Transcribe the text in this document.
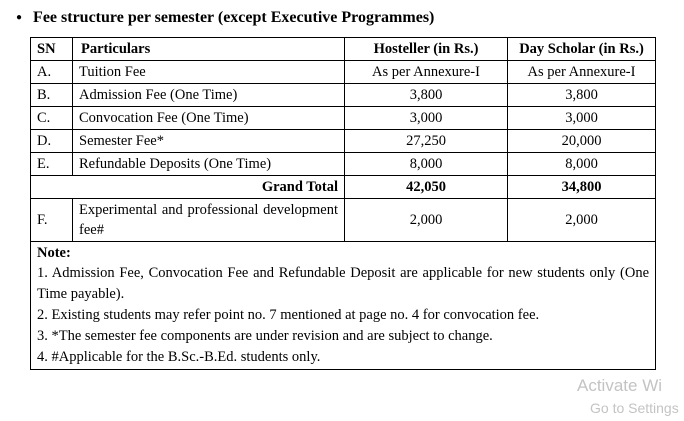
● Fee structure per semester (except Executive Programmes)
SN	Particulars	Hosteller (in Rs.)	Day Scholar (in Rs.)
A.	Tuition Fee	As per Annexure-I	As per Annexure-I
B.	Admission Fee (One Time)	3,800	3,800
C.	Convocation Fee (One Time)	3,000	3,000
D.	Semester Fee*	27,250	20,000
E.	Refundable Deposits (One Time)	8,000	8,000
Grand Total		42,050	34,800
F.	Experimental and professional development fee#	2,000	2,000

Note:
1. Admission Fee, Convocation Fee and Refundable Deposit are applicable for new students only (One Time payable).
2. Existing students may refer point no. 7 mentioned at page no. 4 for convocation fee.
3. *The semester fee components are under revision and are subject to change.
4. #Applicable for the B.Sc.-B.Ed. students only.			
Activate Wi
Go to Settings
